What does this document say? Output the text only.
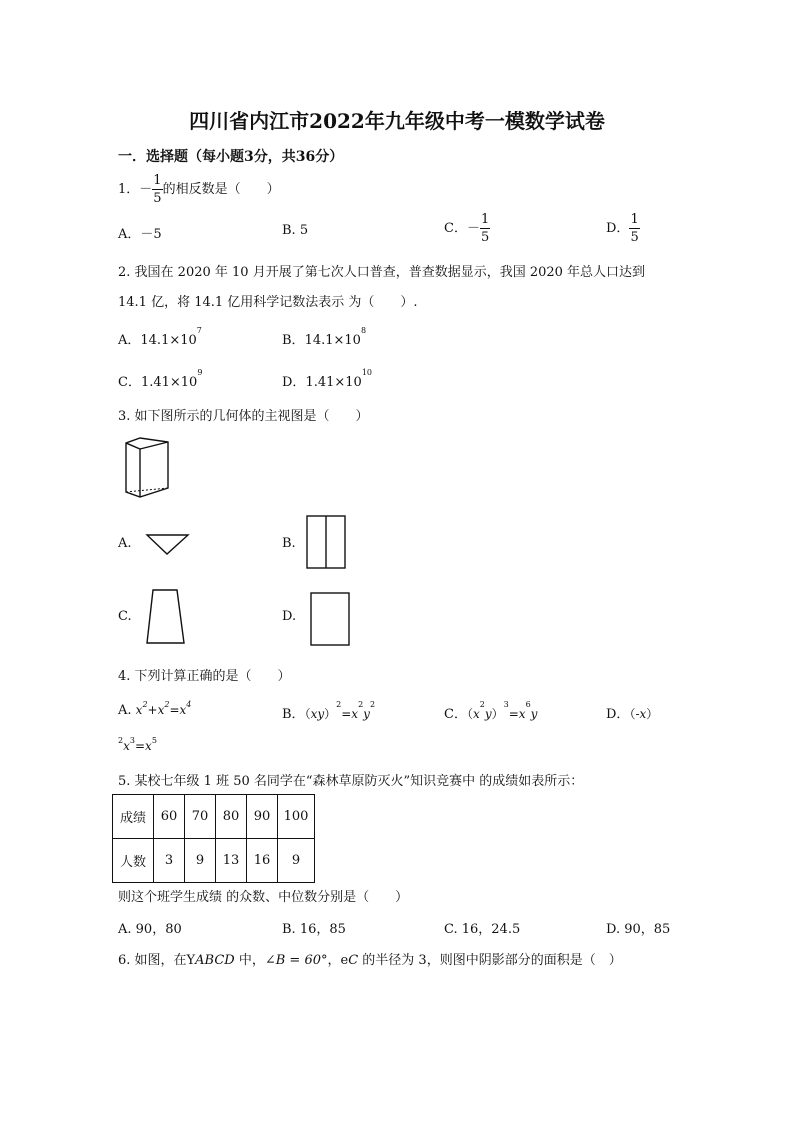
四川省内江市2022年九年级中考一模数学试卷
一．选择题（每小题3分，共36分）
1．－ $\frac{1}{5}$ 的相反数是（　　）
A．－5	B. 5	C．－ $\frac{1}{5}$	D． $\frac{1}{5}$
2. 我国在 2020 年 10 月开展了第七次人口普查，普查数据显示，我国 2020 年总人口达到
14.1 亿，将 14.1 亿用科学记数法表示 为（　　）.
A．$14.1\times 10^7$
B．$14.1\times 10^8$
C．$1.41\times 10^9$
D．$1.41\times 10^{10}$
3. 如下图所示的几何体的主视图是（　　）
A.	B.
C.	D.
4. 下列计算正确的是（　　）
A. $x^2+x^2=x^4$
B．$(xy)^2=x^2y^2$
C．$(x^2y)^3=x^6y$	D．（-x）
$^2x^3=x^5$
5. 某校七年级 1 班 50 名同学在“森林草原防灭火”知识竞赛中 的成绩如表所示：
成绩	60	70	80	90	100
人数	3	9	13	16	9
则这个班学生成绩 的众数、中位数分别是（　　）
A. 90，80	B. 16，85	C. 16，24.5	D. 90，85
6. 如图，在YABCD 中，∠B = 60°，eC 的半径为 3，则图中阴影部分的面积是（　）
